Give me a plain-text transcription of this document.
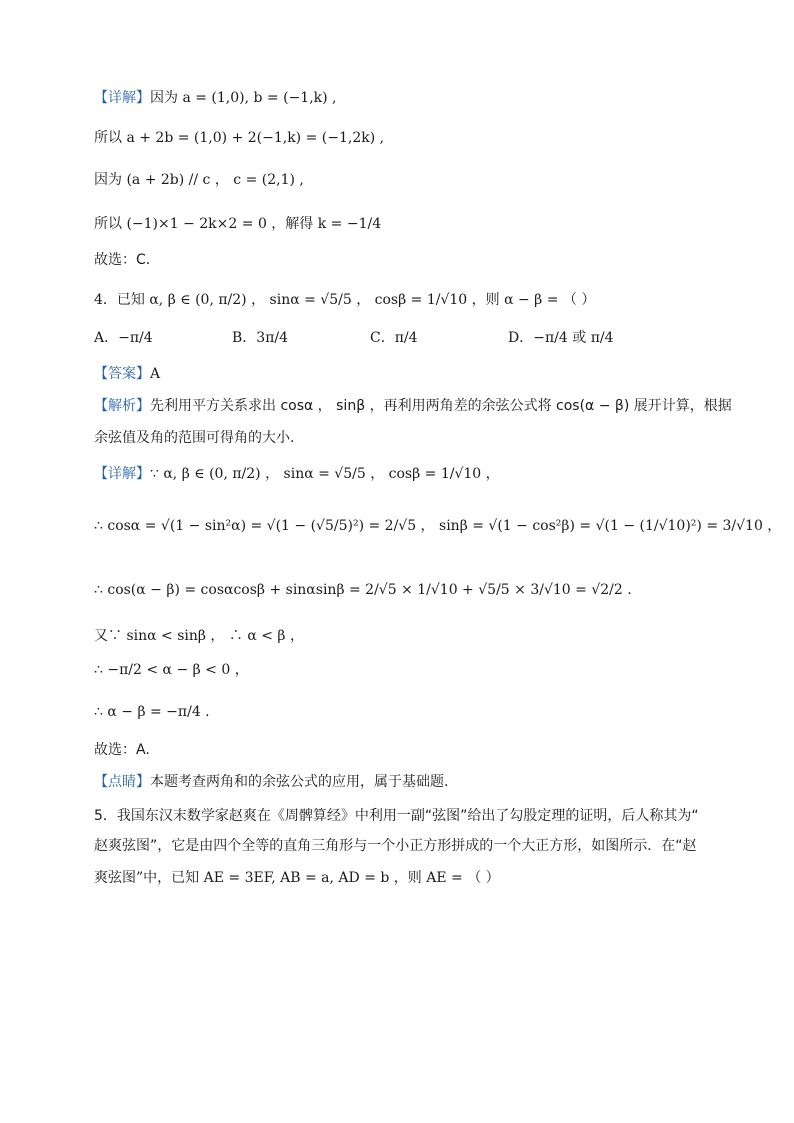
【详解】因为 a = (1,0), b = (−1,k) ,
所以 a + 2b = (1,0) + 2(−1,k) = (−1,2k) ,
因为 (a + 2b) // c ， c = (2,1) ,
所以 (−1)×1 − 2k×2 = 0 ，解得 k = −1/4
故选：C.
4．已知 α, β ∈ (0, π/2) ， sinα = √5/5 ， cosβ = 1/√10 ，则 α − β = （ ）
A．−π/4	B．3π/4	C．π/4	D．−π/4 或 π/4
【答案】A
【解析】先利用平方关系求出 cosα ， sinβ ，再利用两角差的余弦公式将 cos(α − β) 展开计算，根据
余弦值及角的范围可得角的大小.
【详解】∵ α, β ∈ (0, π/2) ， sinα = √5/5 ， cosβ = 1/√10 ，
∴ cosα = √(1 − sin²α) = √(1 − (√5/5)²) = 2/√5 ， sinβ = √(1 − cos²β) = √(1 − (1/√10)²) = 3/√10 ，
∴ cos(α − β) = cosαcosβ + sinαsinβ = 2/√5 × 1/√10 + √5/5 × 3/√10 = √2/2 .
又∵ sinα < sinβ ， ∴ α < β ，
∴ −π/2 < α − β < 0 ，
∴ α − β = −π/4 .
故选：A.
【点睛】本题考查两角和的余弦公式的应用，属于基础题.
5．我国东汉末数学家赵爽在《周髀算经》中利用一副“弦图”给出了勾股定理的证明，后人称其为“
赵爽弦图”，它是由四个全等的直角三角形与一个小正方形拼成的一个大正方形，如图所示．在“赵
爽弦图”中，已知 AE = 3EF, AB = a, AD = b ，则 AE = （ ）
